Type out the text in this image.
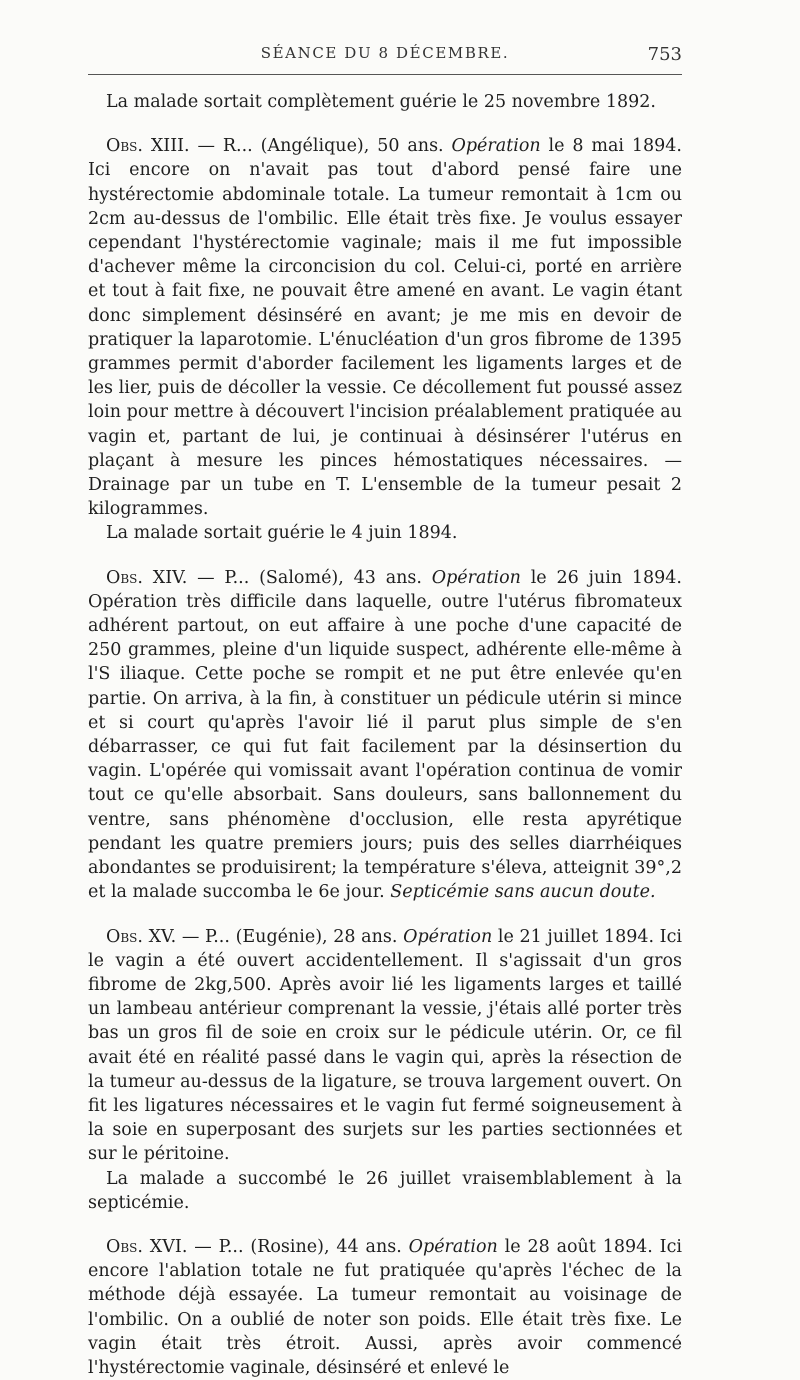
SÉANCE DU 8 DÉCEMBRE.	753

La malade sortait complètement guérie le 25 novembre 1892.

Obs. XIII. — R... (Angélique), 50 ans. Opération le 8 mai 1894. Ici encore on n'avait pas tout d'abord pensé faire une hystérectomie abdominale totale. La tumeur remontait à 1cm ou 2cm au-dessus de l'ombilic. Elle était très fixe. Je voulus essayer cependant l'hystérectomie vaginale; mais il me fut impossible d'achever même la circoncision du col. Celui-ci, porté en arrière et tout à fait fixe, ne pouvait être amené en avant. Le vagin étant donc simplement désinséré en avant; je me mis en devoir de pratiquer la laparotomie. L'énucléation d'un gros fibrome de 1395 grammes permit d'aborder facilement les ligaments larges et de les lier, puis de décoller la vessie. Ce décollement fut poussé assez loin pour mettre à découvert l'incision préalablement pratiquée au vagin et, partant de lui, je continuai à désinsérer l'utérus en plaçant à mesure les pinces hémostatiques nécessaires. — Drainage par un tube en T. L'ensemble de la tumeur pesait 2 kilogrammes.

La malade sortait guérie le 4 juin 1894.

Obs. XIV. — P... (Salomé), 43 ans. Opération le 26 juin 1894. Opération très difficile dans laquelle, outre l'utérus fibromateux adhérent partout, on eut affaire à une poche d'une capacité de 250 grammes, pleine d'un liquide suspect, adhérente elle-même à l'S iliaque. Cette poche se rompit et ne put être enlevée qu'en partie. On arriva, à la fin, à constituer un pédicule utérin si mince et si court qu'après l'avoir lié il parut plus simple de s'en débarrasser, ce qui fut fait facilement par la désinsertion du vagin. L'opérée qui vomissait avant l'opération continua de vomir tout ce qu'elle absorbait. Sans douleurs, sans ballonnement du ventre, sans phénomène d'occlusion, elle resta apyrétique pendant les quatre premiers jours; puis des selles diarrhéiques abondantes se produisirent; la température s'éleva, atteignit 39°,2 et la malade succomba le 6e jour. Septicémie sans aucun doute.

Obs. XV. — P... (Eugénie), 28 ans. Opération le 21 juillet 1894. Ici le vagin a été ouvert accidentellement. Il s'agissait d'un gros fibrome de 2kg,500. Après avoir lié les ligaments larges et taillé un lambeau antérieur comprenant la vessie, j'étais allé porter très bas un gros fil de soie en croix sur le pédicule utérin. Or, ce fil avait été en réalité passé dans le vagin qui, après la résection de la tumeur au-dessus de la ligature, se trouva largement ouvert. On fit les ligatures nécessaires et le vagin fut fermé soigneusement à la soie en superposant des surjets sur les parties sectionnées et sur le péritoine.

La malade a succombé le 26 juillet vraisemblablement à la septicémie.

Obs. XVI. — P... (Rosine), 44 ans. Opération le 28 août 1894. Ici encore l'ablation totale ne fut pratiquée qu'après l'échec de la méthode déjà essayée. La tumeur remontait au voisinage de l'ombilic. On a oublié de noter son poids. Elle était très fixe. Le vagin était très étroit. Aussi, après avoir commencé l'hystérectomie vaginale, désinséré et enlevé le
